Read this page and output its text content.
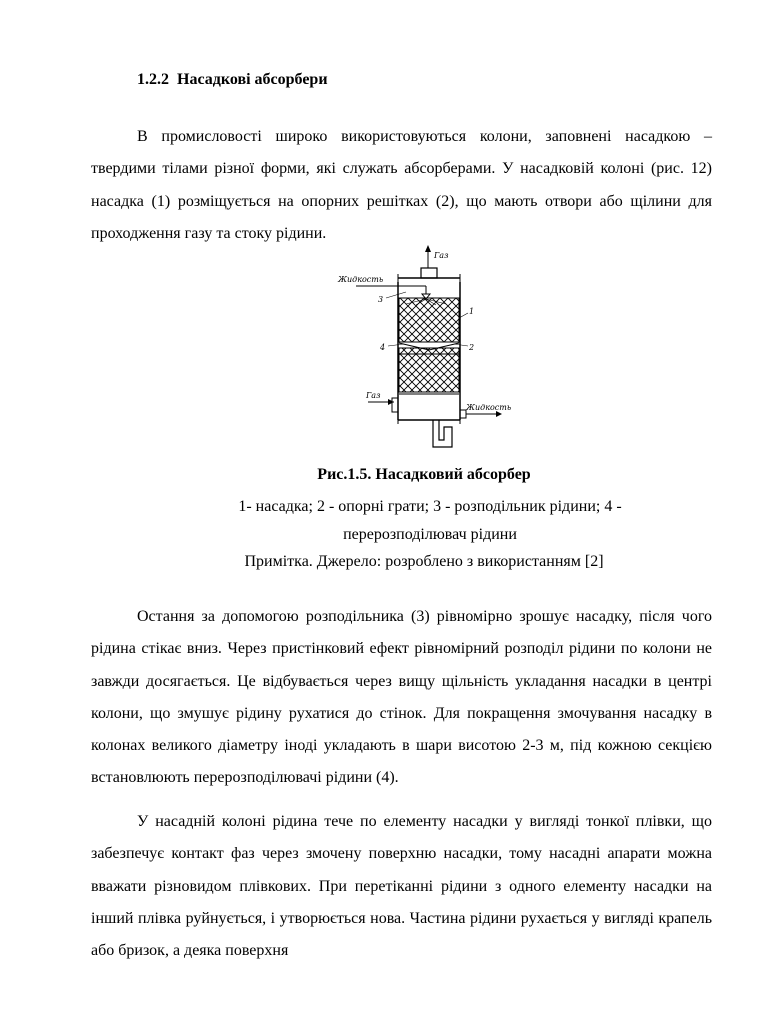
1.2.2  Насадкові абсорбери

В промисловості широко використовуються колони, заповнені насадкою – твердими тілами різної форми, які служать абсорберами. У насадковій колоні (рис. 12) насадка (1) розміщується на опорних решітках (2), що мають отвори або щілини для проходження газу та стоку рідини.

Газ
Жидкость
3
1
4	2
Газ
Жидкость
Рис.1.5. Насадковий абсорбер
1- насадка; 2 - опорні грати; 3 - розподільник рідини; 4 - перерозподілювач рідини
Примітка. Джерело: розроблено з використанням [2]

Остання за допомогою розподільника (3) рівномірно зрошує насадку, після чого рідина стікає вниз. Через пристінковий ефект рівномірний розподіл рідини по колони не завжди досягається. Це відбувається через вищу щільність укладання насадки в центрі колони, що змушує рідину рухатися до стінок. Для покращення змочування насадку в колонах великого діаметру іноді укладають в шари висотою 2-3 м, під кожною секцією встановлюють перерозподілювачі рідини (4).

У насадній колоні рідина тече по елементу насадки у вигляді тонкої плівки, що забезпечує контакт фаз через змочену поверхню насадки, тому насадні апарати можна вважати різновидом плівкових. При перетіканні рідини з одного елементу насадки на інший плівка руйнується, і утворюється нова. Частина рідини рухається у вигляді крапель або бризок, а деяка поверхня
